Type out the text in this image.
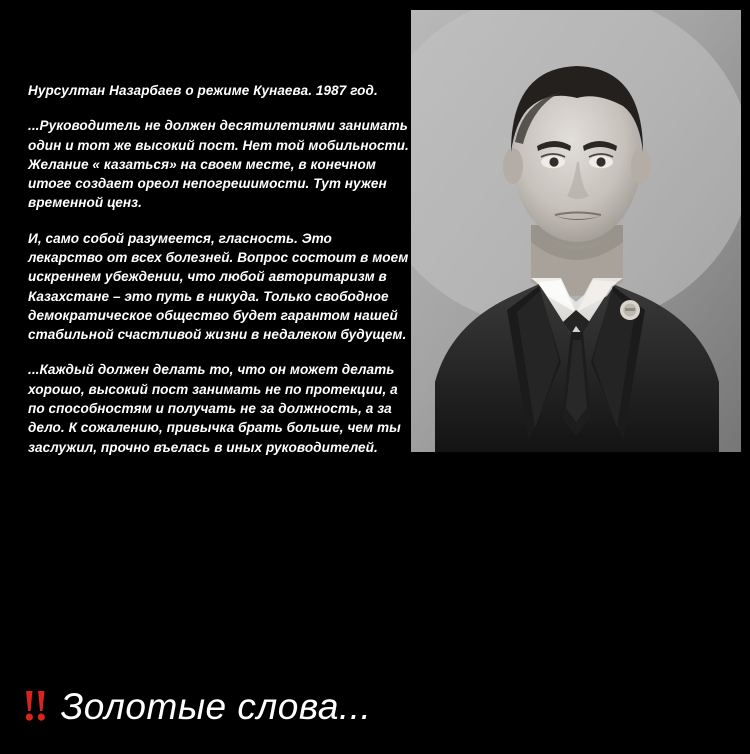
Нурсултан Назарбаев о режиме Кунаева. 1987 год.

...Руководитель не должен десятилетиями занимать один и тот же высокий пост. Нет той мобильности. Желание « казаться» на своем месте, в конечном итоге создает ореол непогрешимости. Тут нужен временной ценз.

И, само собой разумеется, гласность. Это лекарство от всех болезней. Вопрос состоит в моем искреннем убеждении, что любой авторитаризм в Казахстане – это путь в никуда. Только свободное демократическое общество будет гарантом нашей стабильной счастливой жизни в недалеком будущем.

...Каждый должен делать то, что он может делать хорошо, высокий пост занимать не по протекции, а по способностям и получать не за должность, а за дело. К сожалению, привычка брать больше, чем ты заслужил, прочно въелась в иных руководителей.

‼ Золотые слова...
